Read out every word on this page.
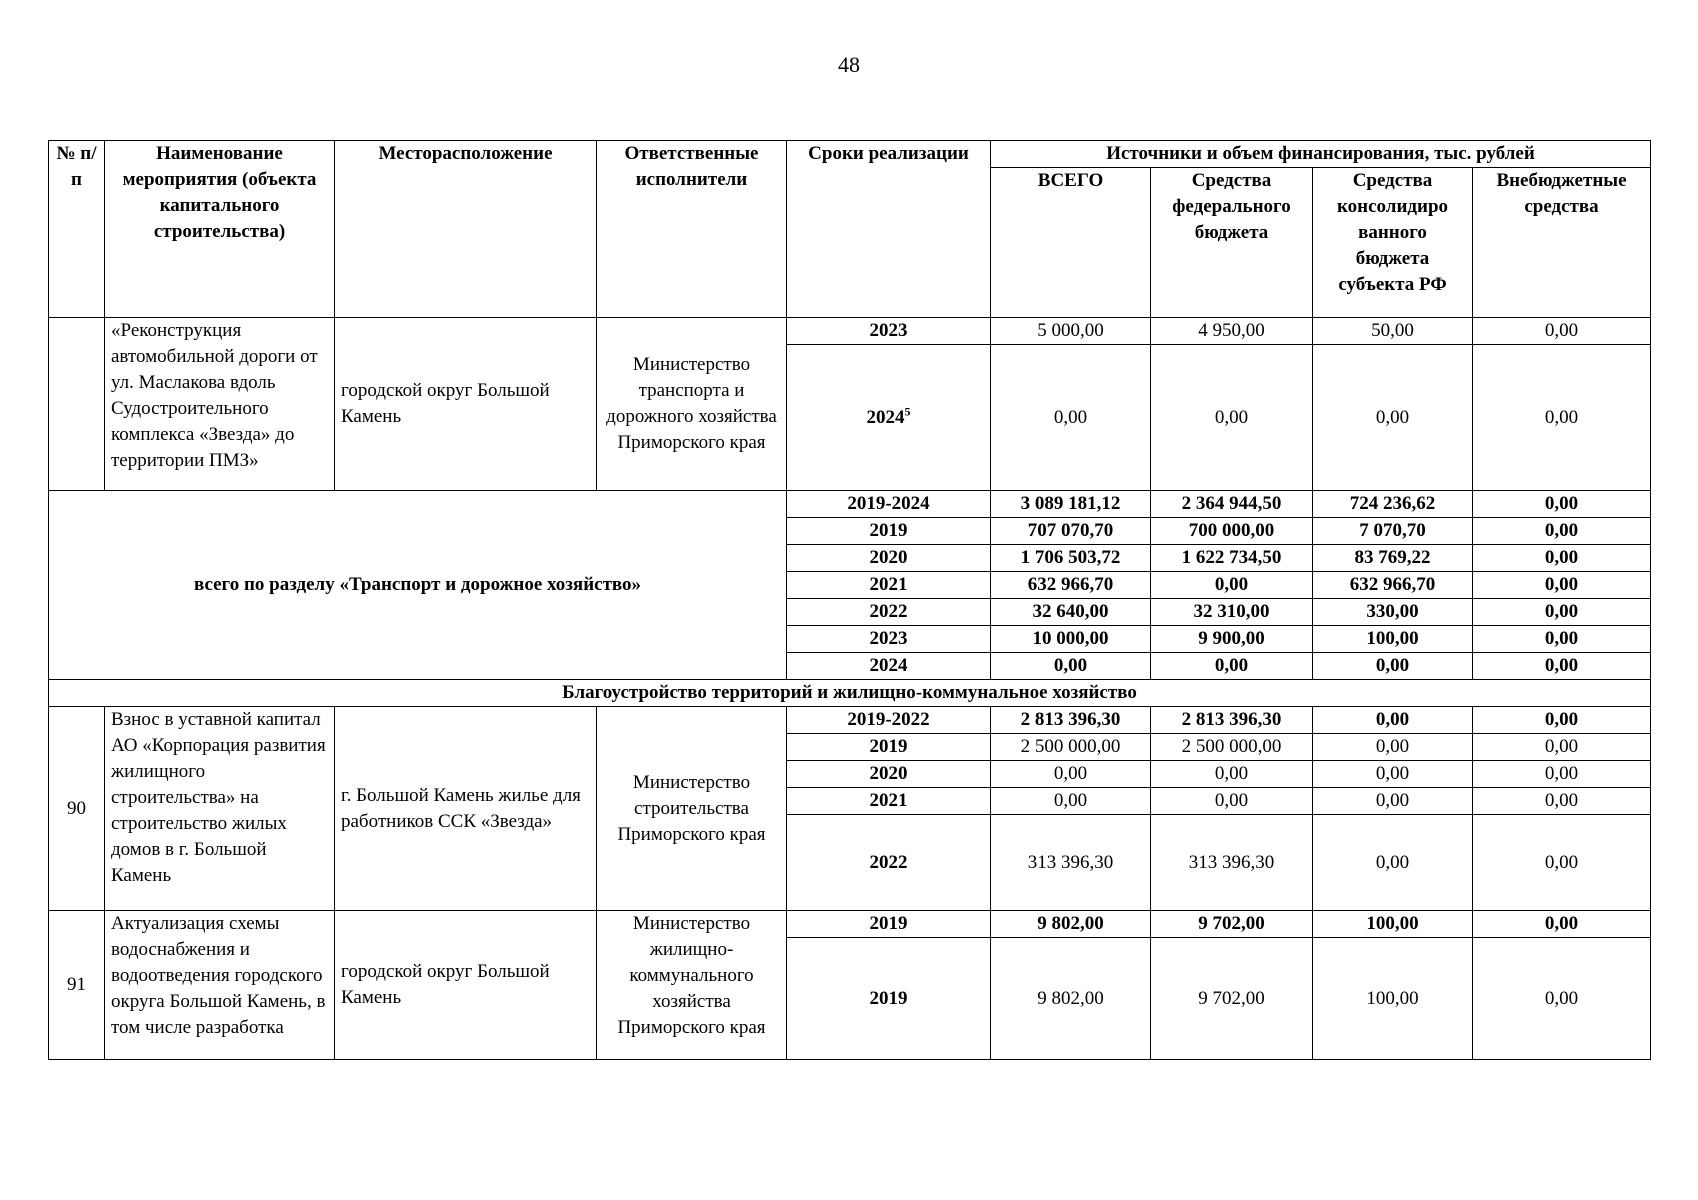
48
№ п/п	Наименование мероприятия (объекта капитального строительства)	Месторасположение	Ответственные исполнители	Сроки реализации	Источники и объем финансирования, тыс. рублей			
					ВСЕГО	Средства федерального бюджета	Средства консолидиро ванного бюджета субъекта РФ	Внебюджетные средства
	«Реконструкция автомобильной дороги от ул. Маслакова вдоль Судостроительного комплекса «Звезда» до территории ПМЗ»	городской округ Большой Камень	Министерство транспорта и дорожного хозяйства Приморского края	2023	5 000,00	4 950,00	50,00	0,00
				2024$^5$	0,00	0,00	0,00	0,00
всего по разделу «Транспорт и дорожное хозяйство»				2019-2024	3 089 181,12	2 364 944,50	724 236,62	0,00
				2019	707 070,70	700 000,00	7 070,70	0,00
				2020	1 706 503,72	1 622 734,50	83 769,22	0,00
				2021	632 966,70	0,00	632 966,70	0,00
				2022	32 640,00	32 310,00	330,00	0,00
				2023	10 000,00	9 900,00	100,00	0,00
				2024	0,00	0,00	0,00	0,00
Благоустройство территорий и жилищно-коммунальное хозяйство								
90	Взнос в уставной капитал АО «Корпорация развития жилищного строительства» на строительство жилых домов в г. Большой Камень	г. Большой Камень жилье для работников ССК «Звезда»	Министерство строительства Приморского края	2019-2022	2 813 396,30	2 813 396,30	0,00	0,00
				2019	2 500 000,00	2 500 000,00	0,00	0,00
				2020	0,00	0,00	0,00	0,00
				2021	0,00	0,00	0,00	0,00
				2022	313 396,30	313 396,30	0,00	0,00
91	Актуализация схемы водоснабжения и водоотведения городского округа Большой Камень, в том числе разработка	городской округ Большой Камень	Министерство жилищно-коммунального хозяйства Приморского края	2019	9 802,00	9 702,00	100,00	0,00
				2019	9 802,00	9 702,00	100,00	0,00
